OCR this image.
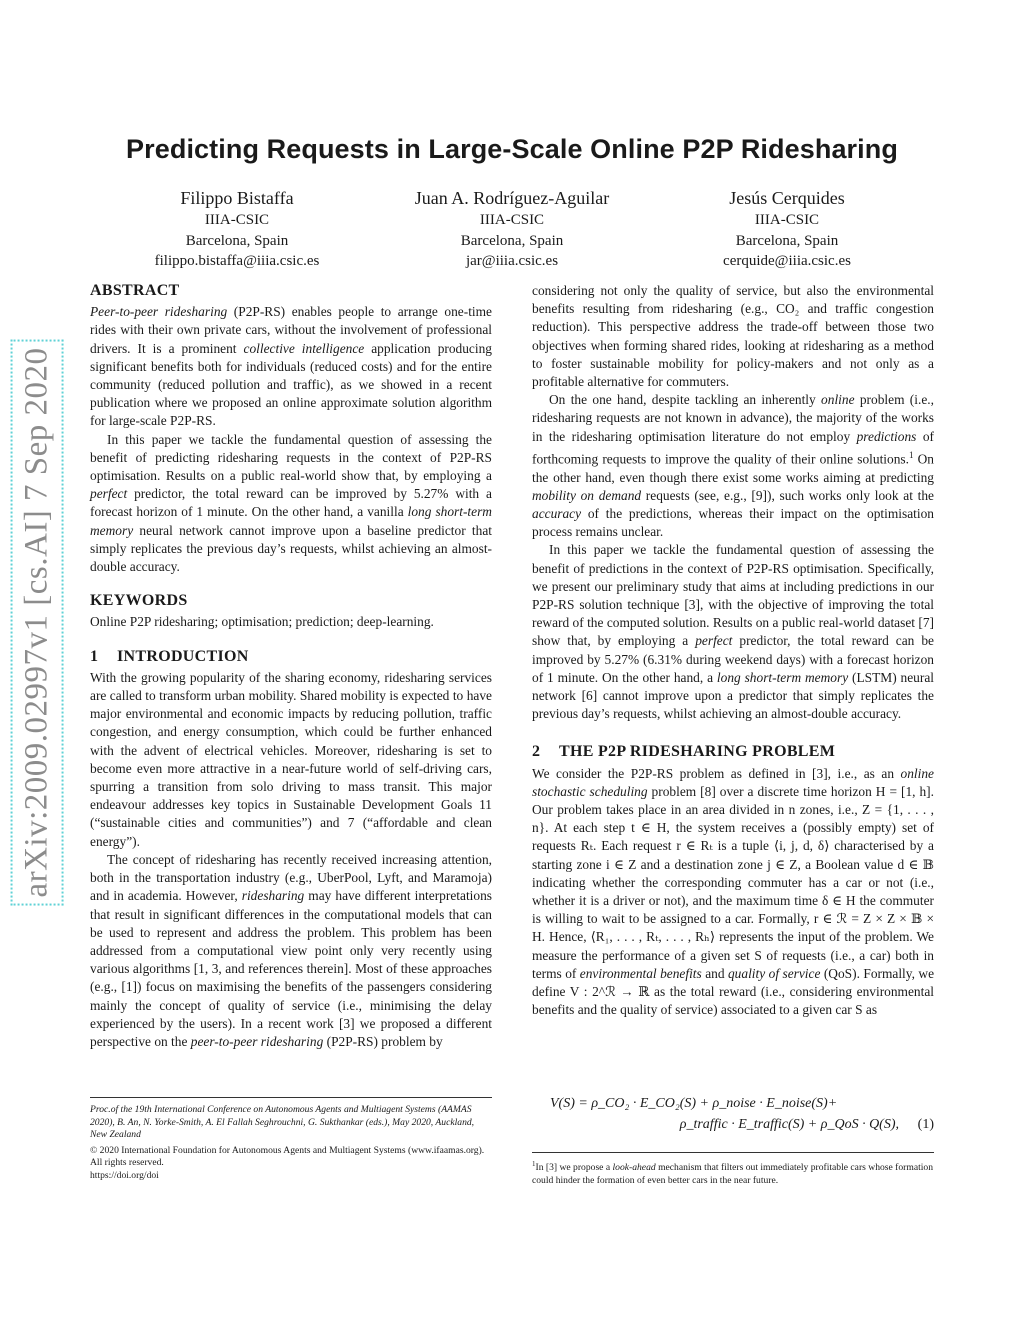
arXiv:2009.02997v1 [cs.AI] 7 Sep 2020
Predicting Requests in Large-Scale Online P2P Ridesharing
Filippo Bistaffa
IIIA-CSIC
Barcelona, Spain
filippo.bistaffa@iiia.csic.es
Juan A. Rodríguez-Aguilar
IIIA-CSIC
Barcelona, Spain
jar@iiia.csic.es
Jesús Cerquides
IIIA-CSIC
Barcelona, Spain
cerquide@iiia.csic.es
ABSTRACT

Peer-to-peer ridesharing (P2P-RS) enables people to arrange one-time rides with their own private cars, without the involvement of professional drivers. It is a prominent collective intelligence application producing significant benefits both for individuals (reduced costs) and for the entire community (reduced pollution and traffic), as we showed in a recent publication where we proposed an online approximate solution algorithm for large-scale P2P-RS.

In this paper we tackle the fundamental question of assessing the benefit of predicting ridesharing requests in the context of P2P-RS optimisation. Results on a public real-world show that, by employing a perfect predictor, the total reward can be improved by 5.27% with a forecast horizon of 1 minute. On the other hand, a vanilla long short-term memory neural network cannot improve upon a baseline predictor that simply replicates the previous day’s requests, whilst achieving an almost-double accuracy.

KEYWORDS

Online P2P ridesharing; optimisation; prediction; deep-learning.

1 INTRODUCTION

With the growing popularity of the sharing economy, ridesharing services are called to transform urban mobility. Shared mobility is expected to have major environmental and economic impacts by reducing pollution, traffic congestion, and energy consumption, which could be further enhanced with the advent of electrical vehicles. Moreover, ridesharing is set to become even more attractive in a near-future world of self-driving cars, spurring a transition from solo driving to mass transit. This major endeavour addresses key topics in Sustainable Development Goals 11 (“sustainable cities and communities”) and 7 (“affordable and clean energy”).

The concept of ridesharing has recently received increasing attention, both in the transportation industry (e.g., UberPool, Lyft, and Maramoja) and in academia. However, ridesharing may have different interpretations that result in significant differences in the computational models that can be used to represent and address the problem. This problem has been addressed from a computational view point only very recently using various algorithms [1, 3, and references therein]. Most of these approaches (e.g., [1]) focus on maximising the benefits of the passengers considering mainly the concept of quality of service (i.e., minimising the delay experienced by the users). In a recent work [3] we proposed a different perspective on the peer-to-peer ridesharing (P2P-RS) problem by

Proc.of the 19th International Conference on Autonomous Agents and Multiagent Systems (AAMAS 2020), B. An, N. Yorke-Smith, A. El Fallah Seghrouchni, G. Sukthankar (eds.), May 2020, Auckland, New Zealand

© 2020 International Foundation for Autonomous Agents and Multiagent Systems (www.ifaamas.org). All rights reserved.

https://doi.org/doi

considering not only the quality of service, but also the environmental benefits resulting from ridesharing (e.g., CO₂ and traffic congestion reduction). This perspective address the trade-off between those two objectives when forming shared rides, looking at ridesharing as a method to foster sustainable mobility for policy-makers and not only as a profitable alternative for commuters.

On the one hand, despite tackling an inherently online problem (i.e., ridesharing requests are not known in advance), the majority of the works in the ridesharing optimisation literature do not employ predictions of forthcoming requests to improve the quality of their online solutions.$^1$ On the other hand, even though there exist some works aiming at predicting mobility on demand requests (see, e.g., [9]), such works only look at the accuracy of the predictions, whereas their impact on the optimisation process remains unclear.

In this paper we tackle the fundamental question of assessing the benefit of predictions in the context of P2P-RS optimisation. Specifically, we present our preliminary study that aims at including predictions in our P2P-RS solution technique [3], with the objective of improving the total reward of the computed solution. Results on a public real-world dataset [7] show that, by employing a perfect predictor, the total reward can be improved by 5.27% (6.31% during weekend days) with a forecast horizon of 1 minute. On the other hand, a long short-term memory (LSTM) neural network [6] cannot improve upon a predictor that simply replicates the previous day’s requests, whilst achieving an almost-double accuracy.

2 THE P2P RIDESHARING PROBLEM

We consider the P2P-RS problem as defined in [3], i.e., as an online stochastic scheduling problem [8] over a discrete time horizon H = [1, h]. Our problem takes place in an area divided in n zones, i.e., Z = {1, . . . , n}. At each step t ∈ H, the system receives a (possibly empty) set of requests Rₜ. Each request r ∈ Rₜ is a tuple ⟨i, j, d, δ⟩ characterised by a starting zone i ∈ Z and a destination zone j ∈ Z, a Boolean value d ∈ 𝔹 indicating whether the corresponding commuter has a car or not (i.e., whether it is a driver or not), and the maximum time δ ∈ H the commuter is willing to wait to be assigned to a car. Formally, r ∈ ℛ = Z × Z × 𝔹 × H. Hence, ⟨R₁, . . . , Rₜ, . . . , Rₕ⟩ represents the input of the problem. We measure the performance of a given set S of requests (i.e., a car) both in terms of environmental benefits and quality of service (QoS). Formally, we define V : 2^ℛ → ℝ as the total reward (i.e., considering environmental benefits and the quality of service) associated to a given car S as

V(S) = ρ_CO₂ · E_CO₂(S) + ρ_noise · E_noise(S)+
ρ_traffic · E_traffic(S) + ρ_QoS · Q(S),	(1)

$^1$In [3] we propose a look-ahead mechanism that filters out immediately profitable cars whose formation could hinder the formation of even better cars in the near future.
